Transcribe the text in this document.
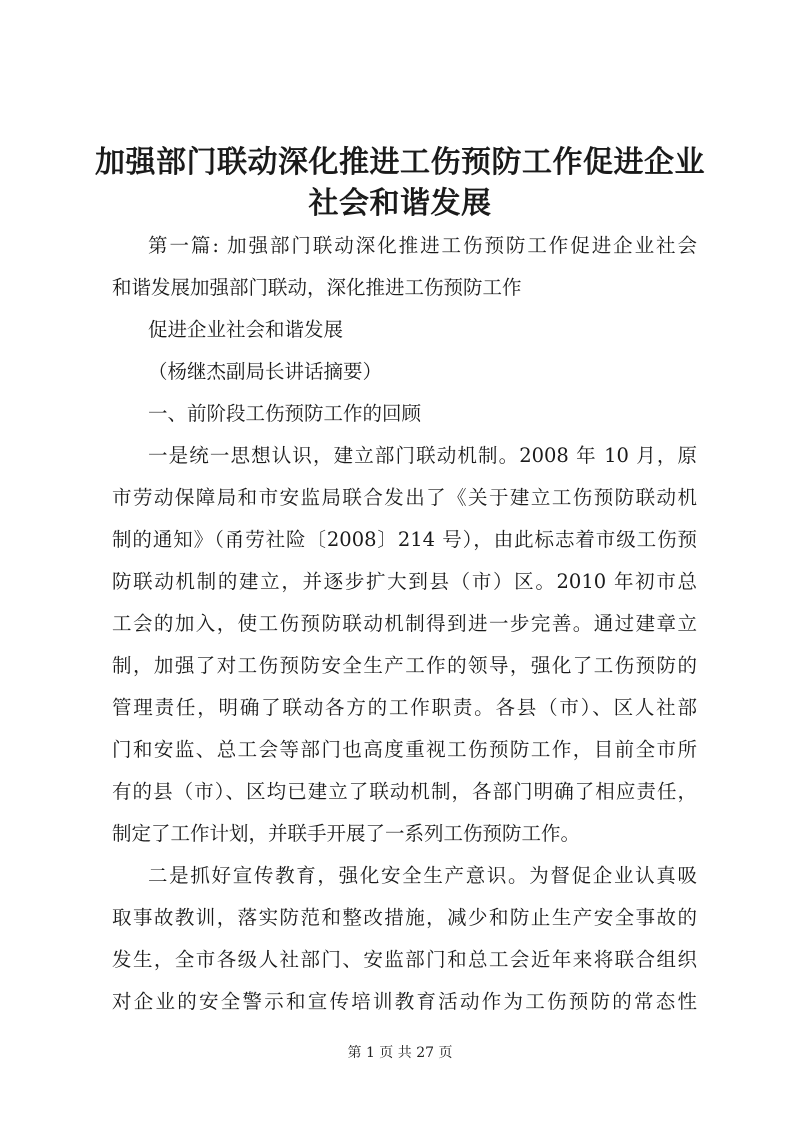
加强部门联动深化推进工伤预防工作促进企业
社会和谐发展

第一篇: 加强部门联动深化推进工伤预防工作促进企业社会

和谐发展加强部门联动，深化推进工伤预防工作

促进企业社会和谐发展

（杨继杰副局长讲话摘要）

一、前阶段工伤预防工作的回顾

一是统一思想认识，建立部门联动机制。2008 年 10 月，原

市劳动保障局和市安监局联合发出了《关于建立工伤预防联动机

制的通知》（甬劳社险〔2008〕214 号），由此标志着市级工伤预

防联动机制的建立，并逐步扩大到县（市）区。2010 年初市总

工会的加入，使工伤预防联动机制得到进一步完善。通过建章立

制，加强了对工伤预防安全生产工作的领导，强化了工伤预防的

管理责任，明确了联动各方的工作职责。各县（市）、区人社部

门和安监、总工会等部门也高度重视工伤预防工作，目前全市所

有的县（市）、区均已建立了联动机制，各部门明确了相应责任，

制定了工作计划，并联手开展了一系列工伤预防工作。

二是抓好宣传教育，强化安全生产意识。为督促企业认真吸

取事故教训，落实防范和整改措施，减少和防止生产安全事故的

发生，全市各级人社部门、安监部门和总工会近年来将联合组织

对企业的安全警示和宣传培训教育活动作为工伤预防的常态性

第 1 页 共 27 页
